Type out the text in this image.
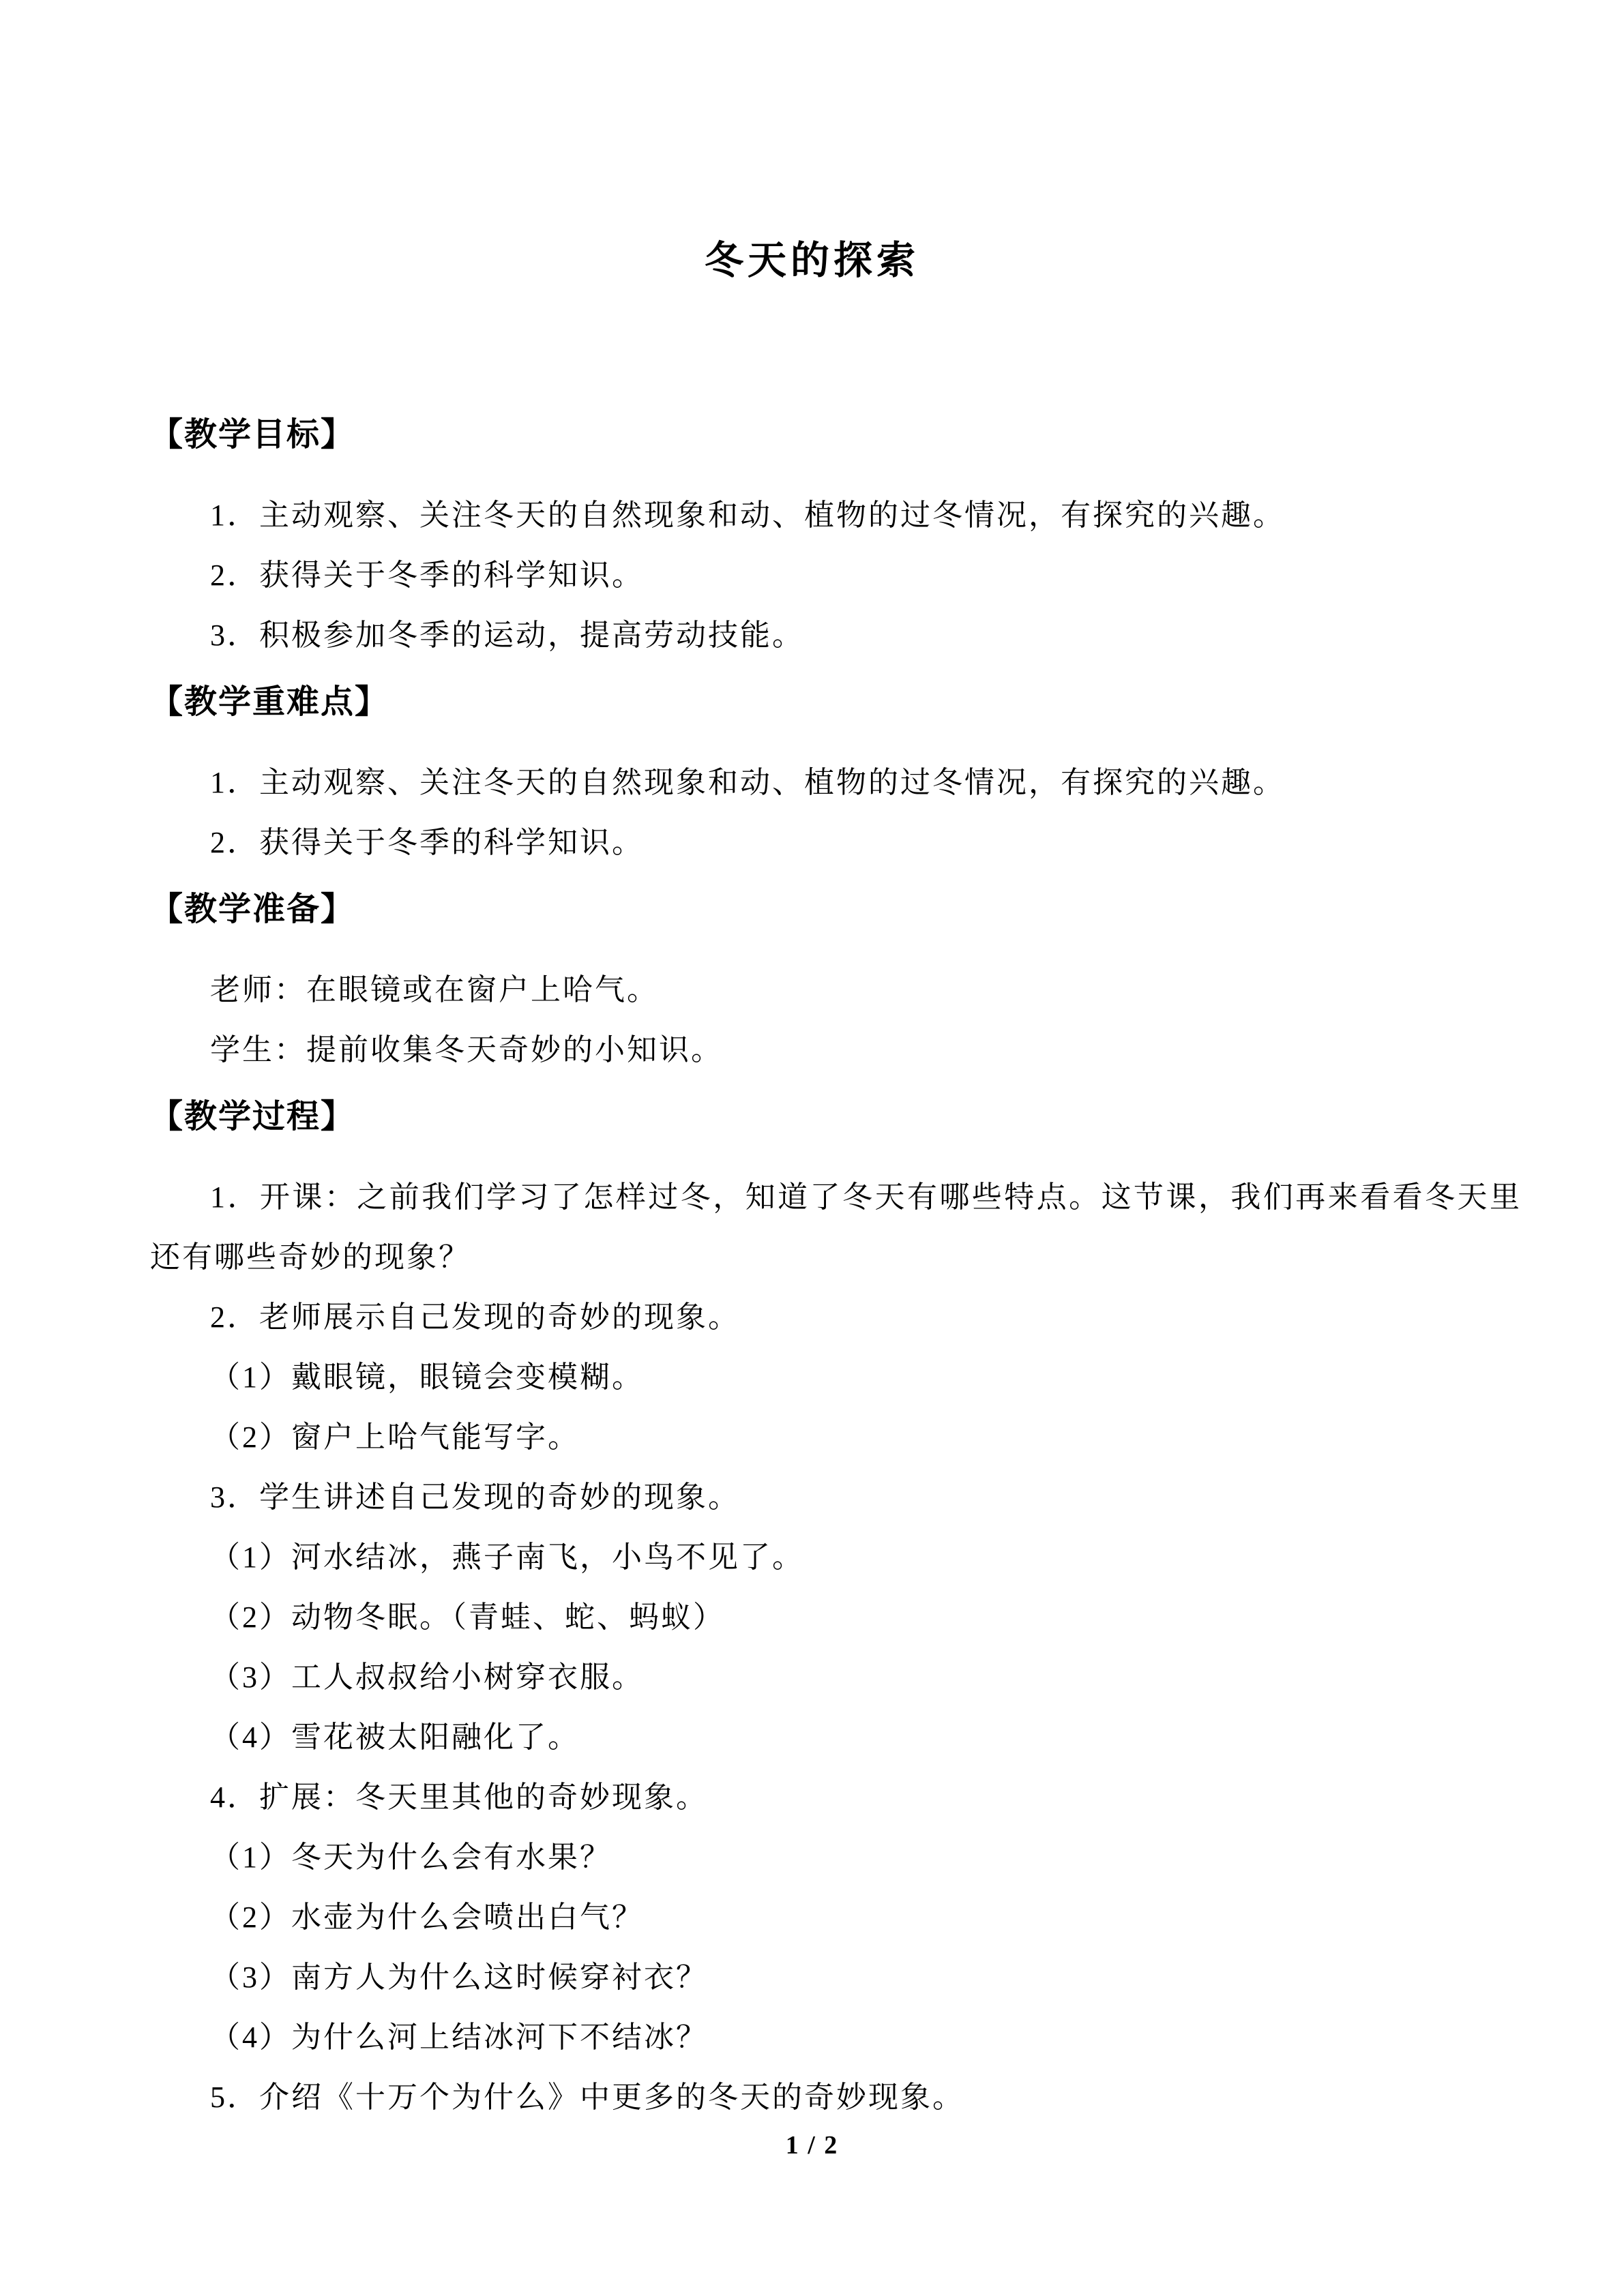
冬天的探索
【教学目标】

1．主动观察、关注冬天的自然现象和动、植物的过冬情况，有探究的兴趣。

2．获得关于冬季的科学知识。

3．积极参加冬季的运动，提高劳动技能。

【教学重难点】

1．主动观察、关注冬天的自然现象和动、植物的过冬情况，有探究的兴趣。

2．获得关于冬季的科学知识。

【教学准备】

老师：在眼镜或在窗户上哈气。

学生：提前收集冬天奇妙的小知识。

【教学过程】

1．开课：之前我们学习了怎样过冬，知道了冬天有哪些特点。这节课，我们再来看看冬天里还有哪些奇妙的现象？

2．老师展示自己发现的奇妙的现象。

（1）戴眼镜，眼镜会变模糊。

（2）窗户上哈气能写字。

3．学生讲述自己发现的奇妙的现象。

（1）河水结冰，燕子南飞，小鸟不见了。

（2）动物冬眠。（青蛙、蛇、蚂蚁）

（3）工人叔叔给小树穿衣服。

（4）雪花被太阳融化了。

4．扩展：冬天里其他的奇妙现象。

（1）冬天为什么会有水果？

（2）水壶为什么会喷出白气？

（3）南方人为什么这时候穿衬衣？

（4）为什么河上结冰河下不结冰？

5．介绍《十万个为什么》中更多的冬天的奇妙现象。

1 / 2
